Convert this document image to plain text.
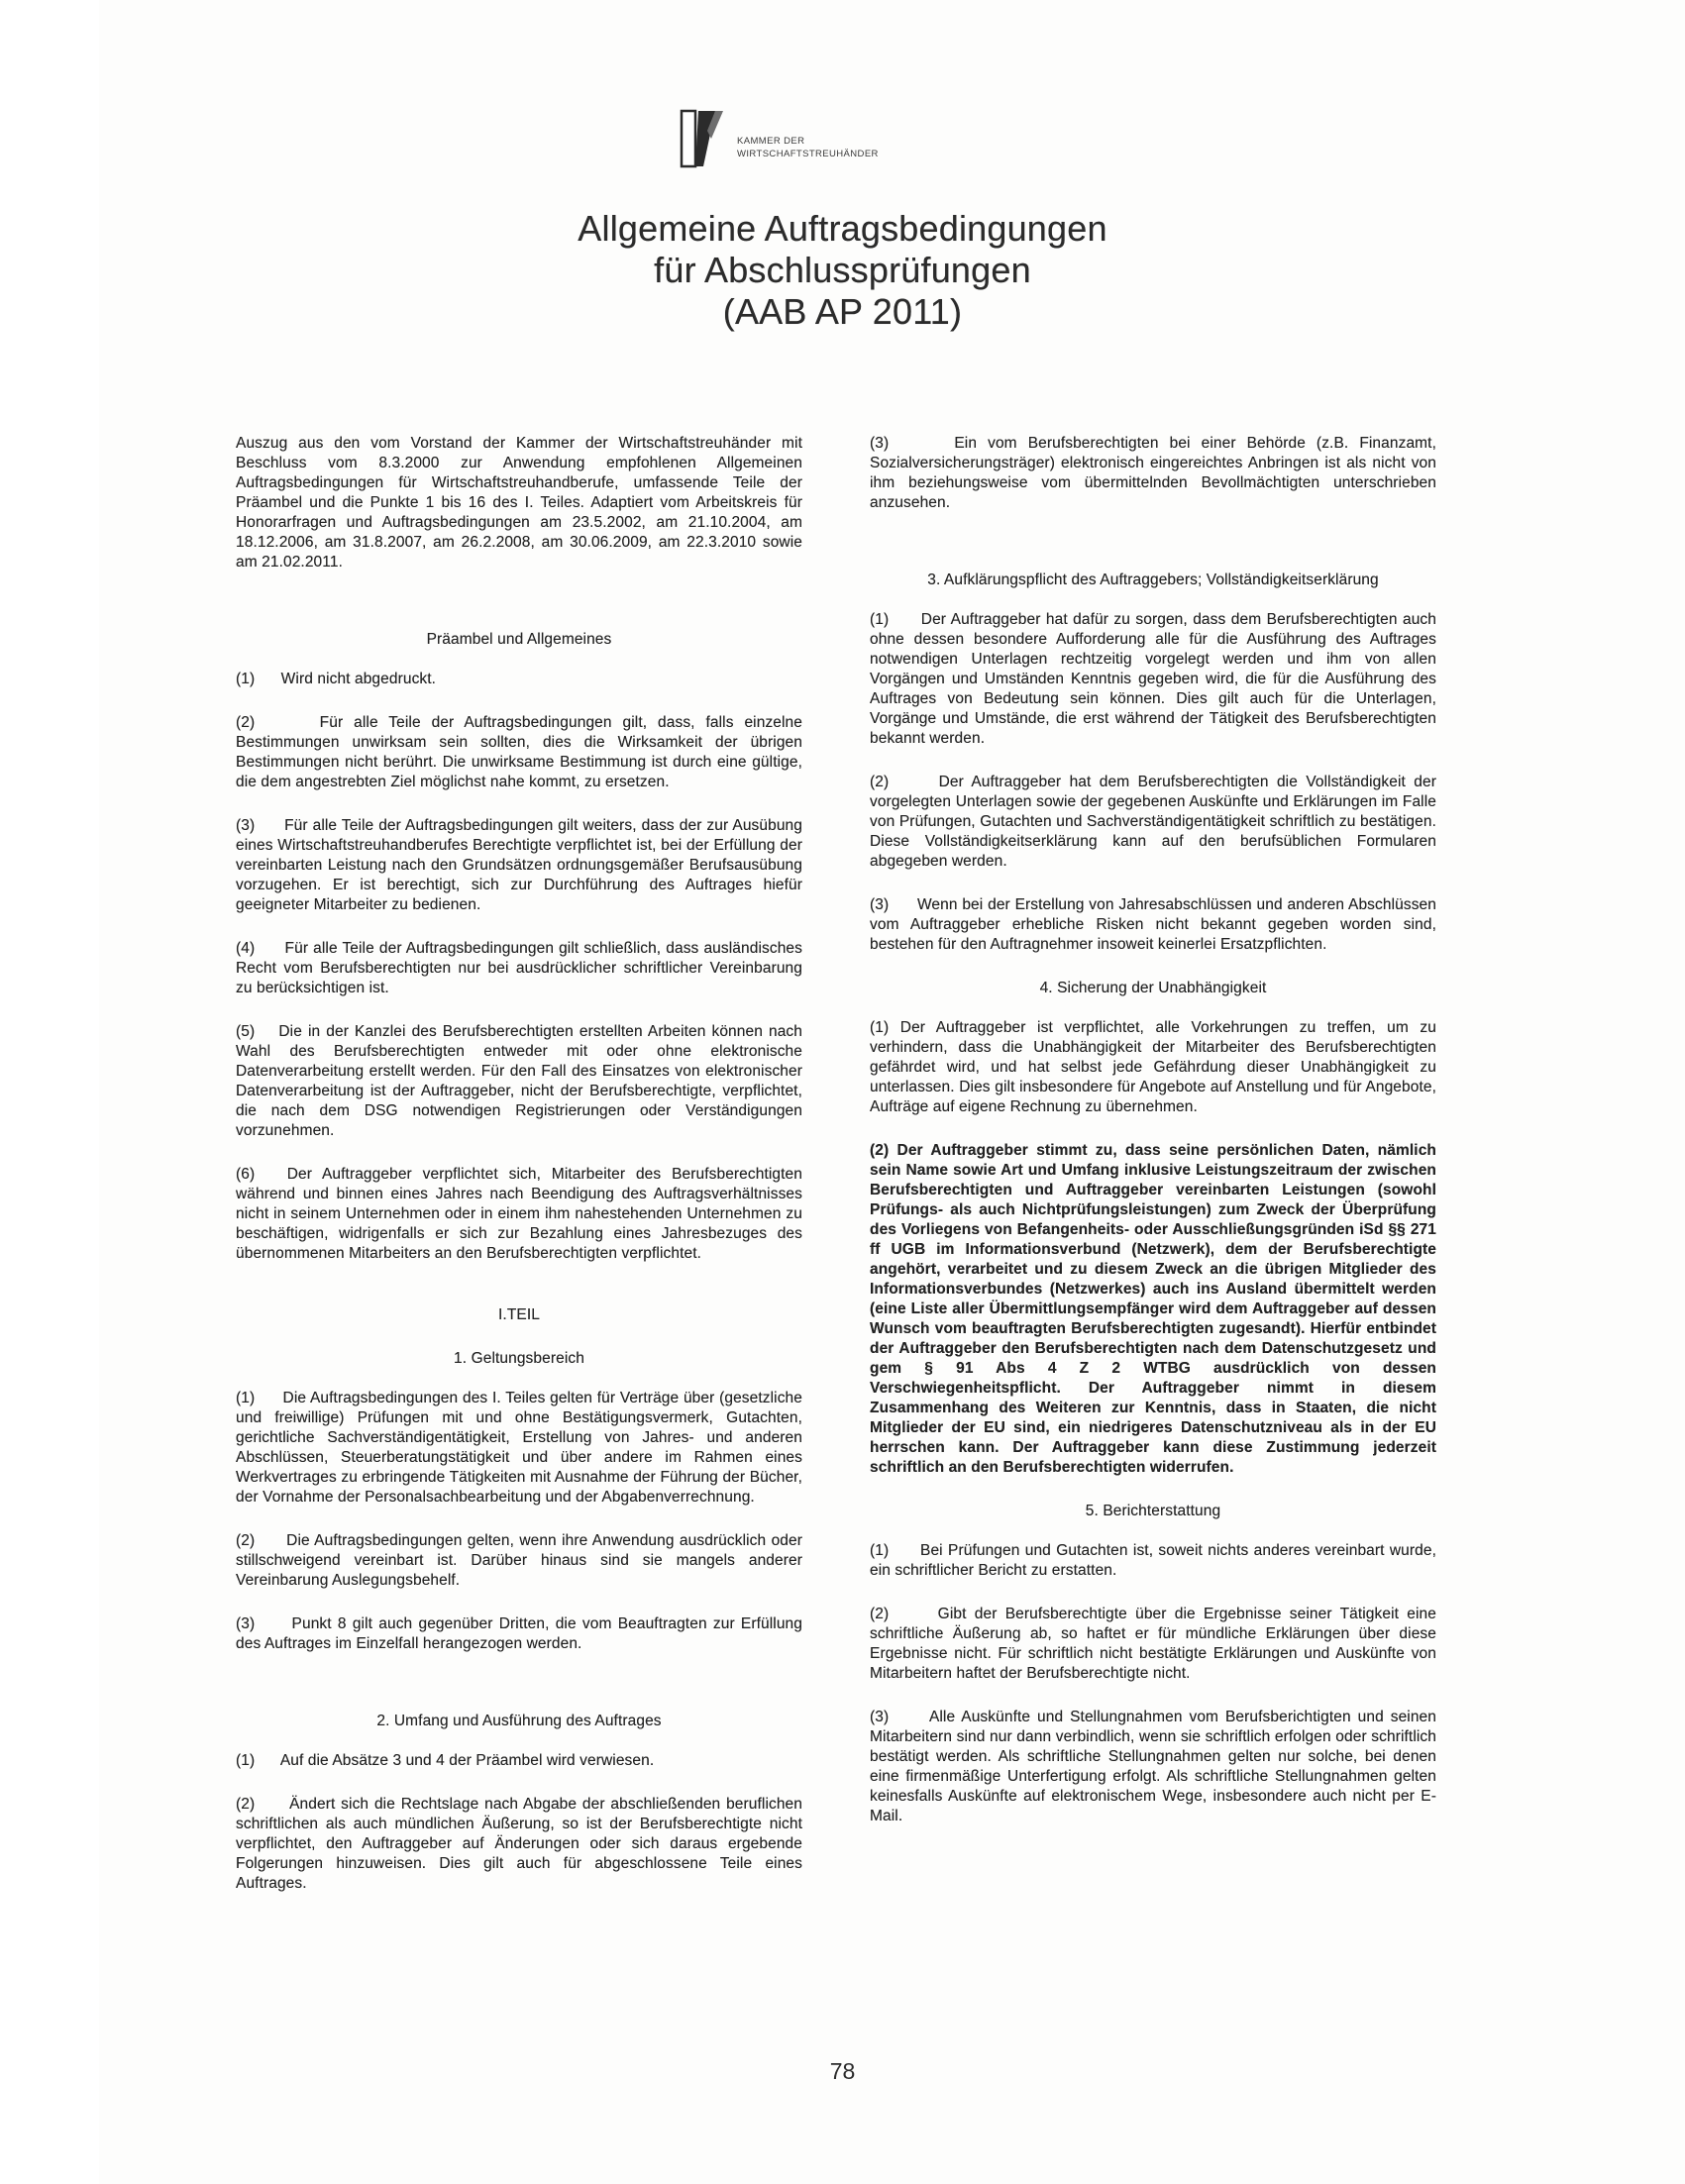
KAMMER DER
WIRTSCHAFTSTREUHÄNDER
Allgemeine Auftragsbedingungen
für Abschlussprüfungen
(AAB AP 2011)
Auszug aus den vom Vorstand der Kammer der Wirtschaftstreuhänder mit Beschluss vom 8.3.2000 zur Anwendung empfohlenen Allgemeinen Auftragsbedingungen für Wirtschaftstreuhandberufe, umfassende Teile der Präambel und die Punkte 1 bis 16 des I. Teiles. Adaptiert vom Arbeitskreis für Honorarfragen und Auftragsbedingungen am 23.5.2002, am 21.10.2004, am 18.12.2006, am 31.8.2007, am 26.2.2008, am 30.06.2009, am 22.3.2010 sowie am 21.02.2011.
Präambel und Allgemeines
(1)      Wird nicht abgedruckt.
(2)      Für alle Teile der Auftragsbedingungen gilt, dass, falls einzelne Bestimmungen unwirksam sein sollten, dies die Wirksamkeit der übrigen Bestimmungen nicht berührt. Die unwirksame Bestimmung ist durch eine gültige, die dem angestrebten Ziel möglichst nahe kommt, zu ersetzen.
(3)      Für alle Teile der Auftragsbedingungen gilt weiters, dass der zur Ausübung eines Wirtschaftstreuhandberufes Berechtigte verpflichtet ist, bei der Erfüllung der vereinbarten Leistung nach den Grundsätzen ordnungsgemäßer Berufsausübung vorzugehen. Er ist berechtigt, sich zur Durchführung des Auftrages hiefür geeigneter Mitarbeiter zu bedienen.
(4)      Für alle Teile der Auftragsbedingungen gilt schließlich, dass ausländisches Recht vom Berufsberechtigten nur bei ausdrücklicher schriftlicher Vereinbarung zu berücksichtigen ist.
(5)    Die in der Kanzlei des Berufsberechtigten erstellten Arbeiten können nach Wahl des Berufsberechtigten entweder mit oder ohne elektronische Datenverarbeitung erstellt werden. Für den Fall des Einsatzes von elektronischer Datenverarbeitung ist der Auftraggeber, nicht der Berufsberechtigte, verpflichtet, die nach dem DSG notwendigen Registrierungen oder Verständigungen vorzunehmen.
(6)   Der Auftraggeber verpflichtet sich, Mitarbeiter des Berufsberechtigten während und binnen eines Jahres nach Beendigung des Auftragsverhältnisses nicht in seinem Unternehmen oder in einem ihm nahestehenden Unternehmen zu beschäftigen, widrigenfalls er sich zur Bezahlung eines Jahresbezuges des übernommenen Mitarbeiters an den Berufsberechtigten verpflichtet.
I.TEIL
1. Geltungsbereich
(1)      Die Auftragsbedingungen des I. Teiles gelten für Verträge über (gesetzliche und freiwillige) Prüfungen mit und ohne Bestätigungsvermerk, Gutachten, gerichtliche Sachverständigentätigkeit, Erstellung von Jahres- und anderen Abschlüssen, Steuerberatungstätigkeit und über andere im Rahmen eines Werkvertrages zu erbringende Tätigkeiten mit Ausnahme der Führung der Bücher, der Vornahme der Personalsachbearbeitung und der Abgabenverrechnung.
(2)      Die Auftragsbedingungen gelten, wenn ihre Anwendung ausdrücklich oder stillschweigend vereinbart ist. Darüber hinaus sind sie mangels anderer Vereinbarung Auslegungsbehelf.
(3)      Punkt 8 gilt auch gegenüber Dritten, die vom Beauftragten zur Erfüllung des Auftrages im Einzelfall herangezogen werden.
2. Umfang und Ausführung des Auftrages
(1)      Auf die Absätze 3 und 4 der Präambel wird verwiesen.
(2)      Ändert sich die Rechtslage nach Abgabe der abschließenden beruflichen schriftlichen als auch mündlichen Äußerung, so ist der Berufsberechtigte nicht verpflichtet, den Auftraggeber auf Änderungen oder sich daraus ergebende Folgerungen hinzuweisen. Dies gilt auch für abgeschlossene Teile eines Auftrages.
(3)      Ein vom Berufsberechtigten bei einer Behörde (z.B. Finanzamt, Sozialversicherungsträger) elektronisch eingereichtes Anbringen ist als nicht von ihm beziehungsweise vom übermittelnden Bevollmächtigten unterschrieben anzusehen.
3. Aufklärungspflicht des Auftraggebers; Vollständigkeitserklärung
(1)      Der Auftraggeber hat dafür zu sorgen, dass dem Berufsberechtigten auch ohne dessen besondere Aufforderung alle für die Ausführung des Auftrages notwendigen Unterlagen rechtzeitig vorgelegt werden und ihm von allen Vorgängen und Umständen Kenntnis gegeben wird, die für die Ausführung des Auftrages von Bedeutung sein können. Dies gilt auch für die Unterlagen, Vorgänge und Umstände, die erst während der Tätigkeit des Berufsberechtigten bekannt werden.
(2)      Der Auftraggeber hat dem Berufsberechtigten die Vollständigkeit der vorgelegten Unterlagen sowie der gegebenen Auskünfte und Erklärungen im Falle von Prüfungen, Gutachten und Sachverständigentätigkeit schriftlich zu bestätigen. Diese Vollständigkeitserklärung kann auf den berufsüblichen Formularen abgegeben werden.
(3)      Wenn bei der Erstellung von Jahresabschlüssen und anderen Abschlüssen vom Auftraggeber erhebliche Risken nicht bekannt gegeben worden sind, bestehen für den Auftragnehmer insoweit keinerlei Ersatzpflichten.
4. Sicherung der Unabhängigkeit
(1) Der Auftraggeber ist verpflichtet, alle Vorkehrungen zu treffen, um zu verhindern, dass die Unabhängigkeit der Mitarbeiter des Berufsberechtigten gefährdet wird, und hat selbst jede Gefährdung dieser Unabhängigkeit zu unterlassen. Dies gilt insbesondere für Angebote auf Anstellung und für Angebote, Aufträge auf eigene Rechnung zu übernehmen.
(2) Der Auftraggeber stimmt zu, dass seine persönlichen Daten, nämlich sein Name sowie Art und Umfang inklusive Leistungszeitraum der zwischen Berufsberechtigten und Auftraggeber vereinbarten Leistungen (sowohl Prüfungs- als auch Nichtprüfungsleistungen) zum Zweck der Überprüfung des Vorliegens von Befangenheits- oder Ausschließungsgründen iSd §§ 271 ff UGB im Informationsverbund (Netzwerk), dem der Berufsberechtigte angehört, verarbeitet und zu diesem Zweck an die übrigen Mitglieder des Informationsverbundes (Netzwerkes) auch ins Ausland übermittelt werden (eine Liste aller Übermittlungsempfänger wird dem Auftraggeber auf dessen Wunsch vom beauftragten Berufsberechtigten zugesandt). Hierfür entbindet der Auftraggeber den Berufsberechtigten nach dem Datenschutzgesetz und gem § 91 Abs 4 Z 2 WTBG ausdrücklich von dessen Verschwiegenheitspflicht. Der Auftraggeber nimmt in diesem Zusammenhang des Weiteren zur Kenntnis, dass in Staaten, die nicht Mitglieder der EU sind, ein niedrigeres Datenschutzniveau als in der EU herrschen kann. Der Auftraggeber kann diese Zustimmung jederzeit schriftlich an den Berufsberechtigten widerrufen.
5. Berichterstattung
(1)      Bei Prüfungen und Gutachten ist, soweit nichts anderes vereinbart wurde, ein schriftlicher Bericht zu erstatten.
(2)      Gibt der Berufsberechtigte über die Ergebnisse seiner Tätigkeit eine schriftliche Äußerung ab, so haftet er für mündliche Erklärungen über diese Ergebnisse nicht. Für schriftlich nicht bestätigte Erklärungen und Auskünfte von Mitarbeitern haftet der Berufsberechtigte nicht.
(3)      Alle Auskünfte und Stellungnahmen vom Berufsberichtigten und seinen Mitarbeitern sind nur dann verbindlich, wenn sie schriftlich erfolgen oder schriftlich bestätigt werden. Als schriftliche Stellungnahmen gelten nur solche, bei denen eine firmenmäßige Unterfertigung erfolgt. Als schriftliche Stellungnahmen gelten keinesfalls Auskünfte auf elektronischem Wege, insbesondere auch nicht per E-Mail.
78
